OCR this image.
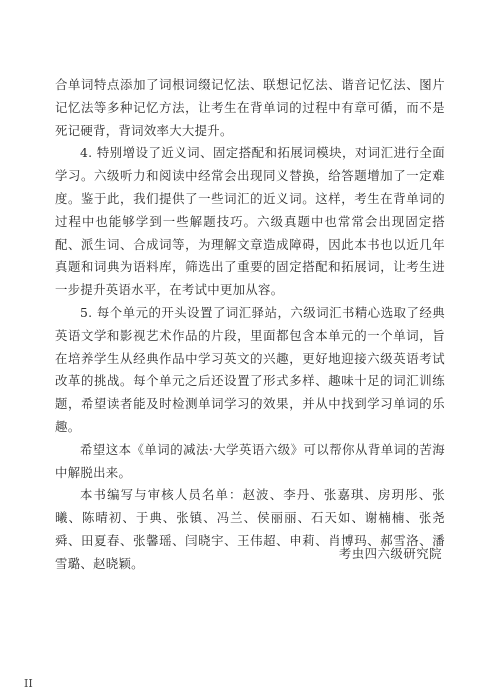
合单词特点添加了词根词缀记忆法、联想记忆法、谐音记忆法、图片记忆法等多种记忆方法，让考生在背单词的过程中有章可循，而不是死记硬背，背词效率大大提升。

4. 特别增设了近义词、固定搭配和拓展词模块，对词汇进行全面学习。六级听力和阅读中经常会出现同义替换，给答题增加了一定难度。鉴于此，我们提供了一些词汇的近义词。这样，考生在背单词的过程中也能够学到一些解题技巧。六级真题中也常常会出现固定搭配、派生词、合成词等，为理解文章造成障碍，因此本书也以近几年真题和词典为语料库，筛选出了重要的固定搭配和拓展词，让考生进一步提升英语水平，在考试中更加从容。

5. 每个单元的开头设置了词汇驿站，六级词汇书精心选取了经典英语文学和影视艺术作品的片段，里面都包含本单元的一个单词，旨在培养学生从经典作品中学习英文的兴趣，更好地迎接六级英语考试改革的挑战。每个单元之后还设置了形式多样、趣味十足的词汇训练题，希望读者能及时检测单词学习的效果，并从中找到学习单词的乐趣。

希望这本《单词的减法·大学英语六级》可以帮你从背单词的苦海中解脱出来。

本书编写与审核人员名单：赵波、李丹、张嘉琪、房玥彤、张曦、陈晴初、于典、张镇、冯兰、侯丽丽、石天如、谢楠楠、张尧舜、田夏春、张馨瑶、闫晓宇、王伟超、申莉、肖博玛、郝雪洛、潘雪璐、赵晓颖。

考虫四六级研究院
II
